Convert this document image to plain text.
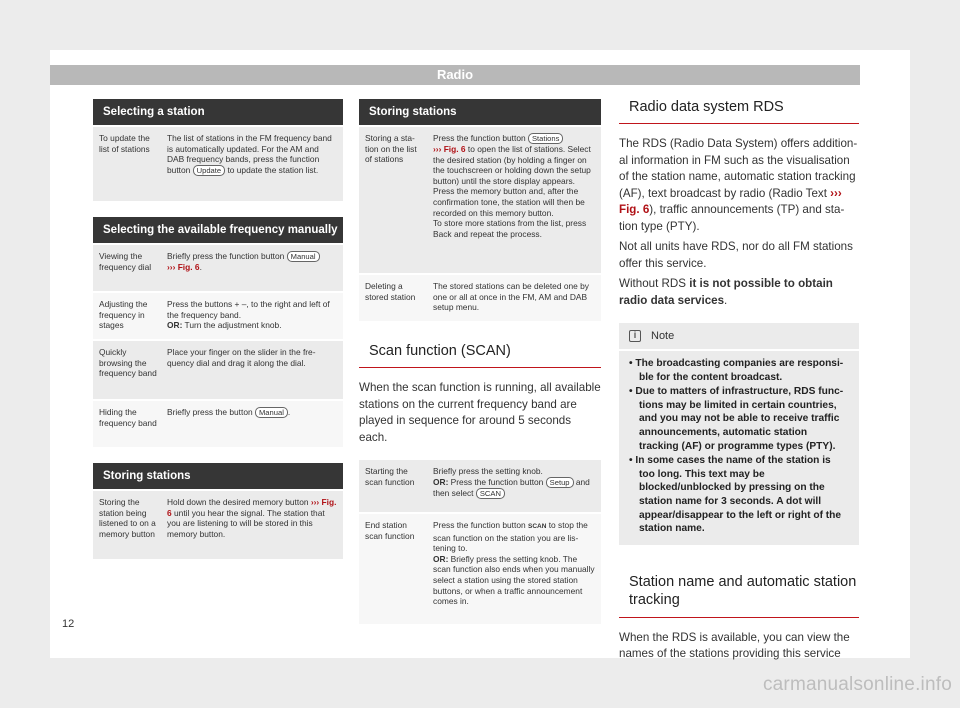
Radio
Selecting a station
To update the list of stations
The list of stations in the FM frequency band is automatically updated. For the AM and DAB frequency bands, press the function button Update to update the station list.
Selecting the available frequency manually
Viewing the frequency dial
Briefly press the function button Manual
››› Fig. 6.
Adjusting the frequency in stages
Press the buttons + –, to the right and left of the frequency band.
OR: Turn the adjustment knob.
Quickly browsing the frequency band
Place your finger on the slider in the frequency dial and drag it along the dial.
Hiding the frequency band
Briefly press the button Manual .
Storing stations
Storing the station being listened to on a memory button
Hold down the desired memory button ››› Fig. 6 until you hear the signal. The station that you are listening to will be stored in this memory button.
Storing stations
Storing a station on the list of stations
Press the function button Stations
››› Fig. 6 to open the list of stations. Select the desired station (by holding a finger on the touchscreen or holding down the setup button) until the store display appears.
Press the memory button and, after the confirmation tone, the station will then be recorded on this memory button.
To store more stations from the list, press Back and repeat the process.
Deleting a stored station
The stored stations can be deleted one by one or all at once in the FM, AM and DAB setup menu.
Scan function (SCAN)
When the scan function is running, all available stations on the current frequency band are played in sequence for around 5 seconds each.
Starting the scan function
Briefly press the setting knob.
OR: Press the function button Setup and then select SCAN
End station scan function
Press the function button SCAN to stop the scan function on the station you are listening to.
OR: Briefly press the setting knob. The scan function also ends when you manually select a station using the stored station buttons, or when a traffic announcement comes in.
Radio data system RDS

The RDS (Radio Data System) offers additional information in FM such as the visualisation of the station name, automatic station tracking (AF), text broadcast by radio (Radio Text ››› Fig. 6), traffic announcements (TP) and station type (PTY).

Not all units have RDS, nor do all FM stations offer this service.

Without RDS it is not possible to obtain radio data services.

i	Note
• The broadcasting companies are responsible for the content broadcast.
• Due to matters of infrastructure, RDS functions may be limited in certain countries, and you may not be able to receive traffic announcements, automatic station tracking (AF) or programme types (PTY).
• In some cases the name of the station is too long. This text may be blocked/unblocked by pressing on the station name for 3 seconds. A dot will appear/disappear to the left or right of the station name.
Station name and automatic station tracking
When the RDS is available, you can view the names of the stations providing this service
12
carmanualsonline.info
